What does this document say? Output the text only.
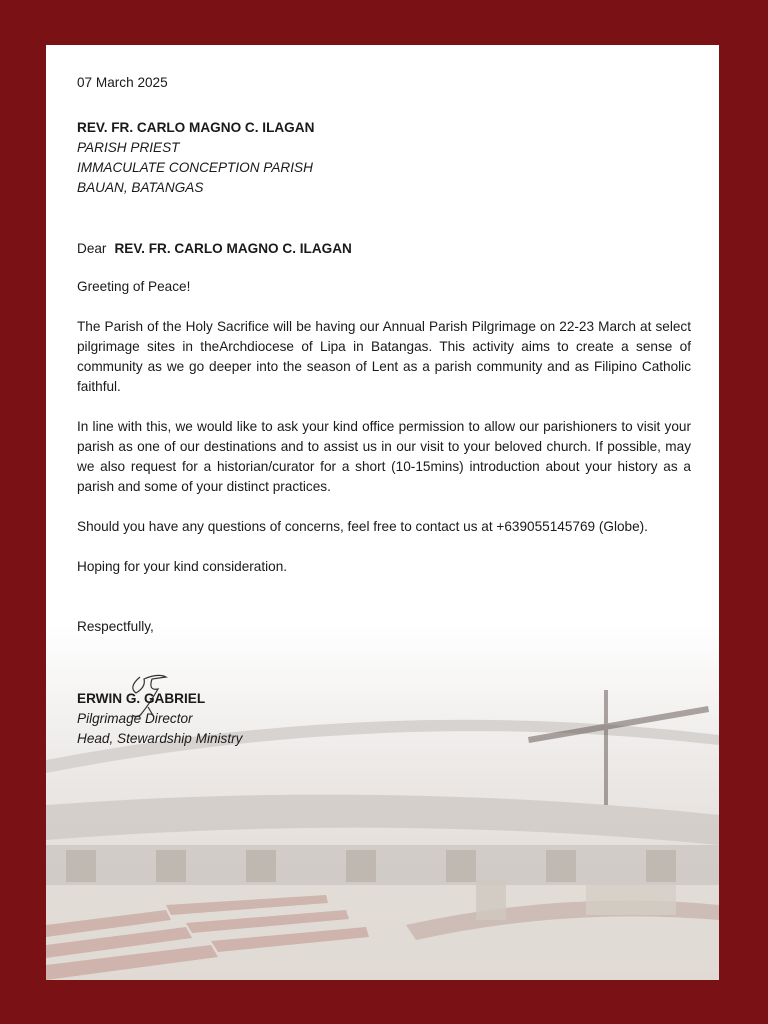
07 March 2025
REV. FR. CARLO MAGNO C. ILAGAN
PARISH PRIEST
IMMACULATE CONCEPTION PARISH
BAUAN, BATANGAS
Dear REV. FR. CARLO MAGNO C. ILAGAN

Greeting of Peace!

The Parish of the Holy Sacrifice will be having our Annual Parish Pilgrimage on 22-23 March at select pilgrimage sites in theArchdiocese of Lipa in Batangas. This activity aims to create a sense of community as we go deeper into the season of Lent as a parish community and as Filipino Catholic faithful.

In line with this, we would like to ask your kind office permission to allow our parishioners to visit your parish as one of our destinations and to assist us in our visit to your beloved church. If possible, may we also request for a historian/curator for a short (10-15mins) introduction about your history as a parish and some of your distinct practices.

Should you have any questions of concerns, feel free to contact us at +639055145769 (Globe).

Hoping for your kind consideration.

Respectfully,

ERWIN G. GABRIEL
Pilgrimage Director
Head, Stewardship Ministry
